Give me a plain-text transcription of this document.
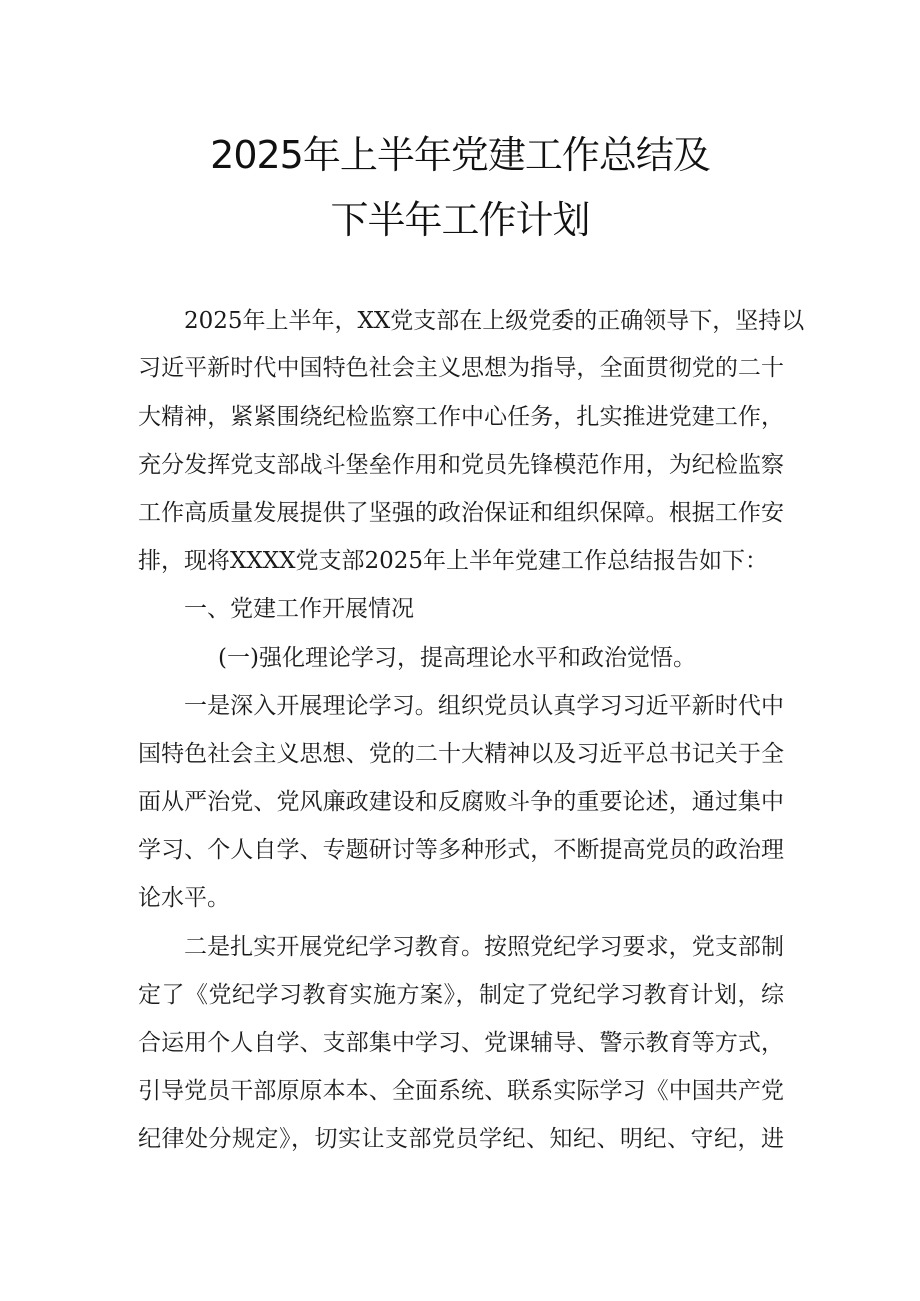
2025年上半年党建工作总结及
下半年工作计划
2025年上半年，XX党支部在上级党委的正确领导下，坚持以
习近平新时代中国特色社会主义思想为指导，全面贯彻党的二十
大精神，紧紧围绕纪检监察工作中心任务，扎实推进党建工作，
充分发挥党支部战斗堡垒作用和党员先锋模范作用，为纪检监察
工作高质量发展提供了坚强的政治保证和组织保障。根据工作安
排，现将XXXX党支部2025年上半年党建工作总结报告如下：
一、党建工作开展情况
(一)强化理论学习，提高理论水平和政治觉悟。
一是深入开展理论学习。组织党员认真学习习近平新时代中
国特色社会主义思想、党的二十大精神以及习近平总书记关于全
面从严治党、党风廉政建设和反腐败斗争的重要论述，通过集中
学习、个人自学、专题研讨等多种形式，不断提高党员的政治理
论水平。
二是扎实开展党纪学习教育。按照党纪学习要求，党支部制
定了《党纪学习教育实施方案》，制定了党纪学习教育计划，综
合运用个人自学、支部集中学习、党课辅导、警示教育等方式，
引导党员干部原原本本、全面系统、联系实际学习《中国共产党
纪律处分规定》，切实让支部党员学纪、知纪、明纪、守纪，进
